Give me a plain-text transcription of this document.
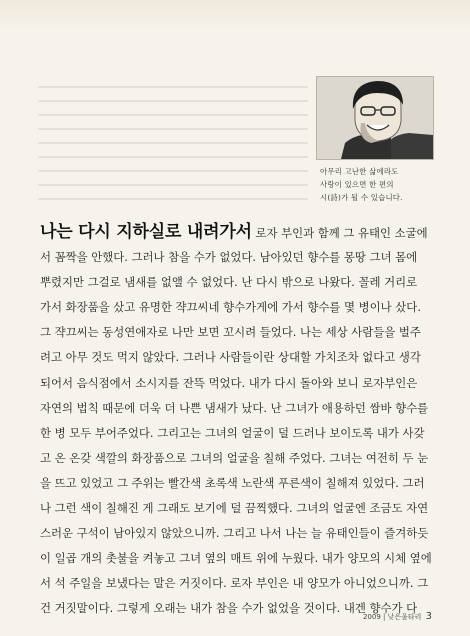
아무리 고난한 삶에라도
사랑이 있으면 한 편의
시(詩)가 될 수 있습니다.
나는 다시 지하실로 내려가서 로자 부인과 함께 그 유태인 소굴에
서 꼼짝을 안했다. 그러나 참을 수가 없었다. 남아있던 향수를 몽땅 그녀 몸에
뿌렸지만 그걸로 냄새를 없앨 수 없었다. 난 다시 밖으로 나왔다. 꼴레 거리로
가서 화장품을 샀고 유명한 쟉끄씨네 향수가게에 가서 향수를 몇 병이나 샀다.
그 쟉끄씨는 동성연애자로 나만 보면 꼬시려 들었다. 나는 세상 사람들을 벌주
려고 아무 것도 먹지 않았다. 그러나 사람들이란 상대할 가치조차 없다고 생각
되어서 음식점에서 소시지를 잔뜩 먹었다. 내가 다시 돌아와 보니 로자부인은
자연의 법칙 때문에 더욱 더 나쁜 냄새가 났다. 난 그녀가 애용하던 쌈바 향수를
한 병 모두 부어주었다. 그리고는 그녀의 얼굴이 덜 드러나 보이도록 내가 사갖
고 온 온갖 색깔의 화장품으로 그녀의 얼굴을 칠해 주었다. 그녀는 여전히 두 눈
을 뜨고 있었고 그 주위는 빨간색 초록색 노란색 푸른색이 칠해져 있었다. 그러
나 그런 색이 칠해진 게 그래도 보기에 덜 끔찍했다. 그녀의 얼굴엔 조금도 자연
스러운 구석이 남아있지 않았으니까. 그리고 나서 나는 늘 유태인들이 즐겨하듯
이 일곱 개의 촛불을 켜놓고 그녀 옆의 매트 위에 누웠다. 내가 양모의 시체 옆에
서 석 주일을 보냈다는 말은 거짓이다. 로자 부인은 내 양모가 아니었으니까. 그
건 거짓말이다. 그렇게 오래는 내가 참을 수가 없었을 것이다. 내겐 향수가 다
2009 | 낮은울타리 3
